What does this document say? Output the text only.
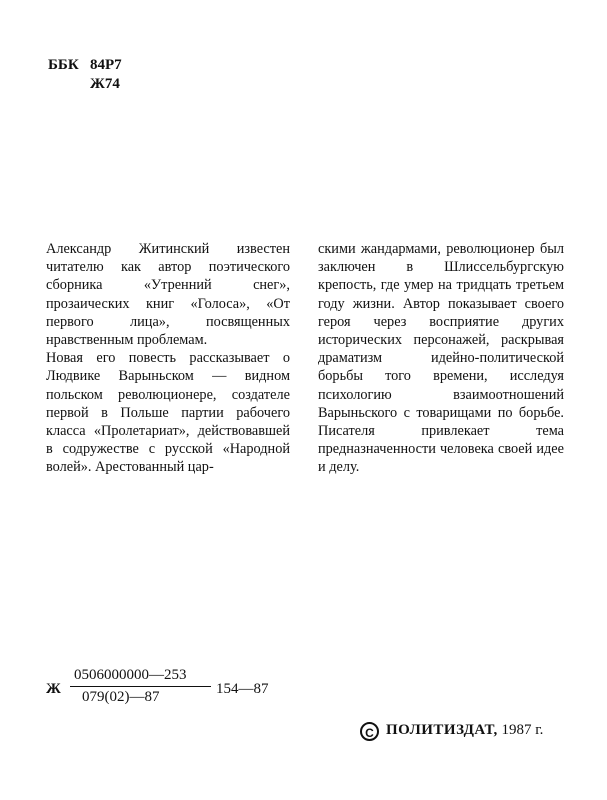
ББК 84Р7
Ж74

Александр Житинский известен читателю как автор поэтического сборника «Утренний снег», прозаических книг «Голоса», «От первого лица», посвященных нравственным проблемам.

Новая его повесть рассказывает о Людвике Варыньском — видном польском революционере, создателе первой в Польше партии рабочего класса «Пролетариат», действовавшей в содружестве с русской «Народной волей». Арестованный цар-

скими жандармами, революционер был заключен в Шлиссельбургскую крепость, где умер на тридцать третьем году жизни. Автор показывает своего героя через восприятие других исторических персонажей, раскрывая драматизм идейно-политической борьбы того времени, исследуя психологию взаимоотношений Варыньского с товарищами по борьбе. Писателя привлекает тема предназначенности человека своей идее и делу.

Ж $\frac{0506000000—253}{079(02)—87}$ 154—87
C ПОЛИТИЗДАТ, 1987 г.
